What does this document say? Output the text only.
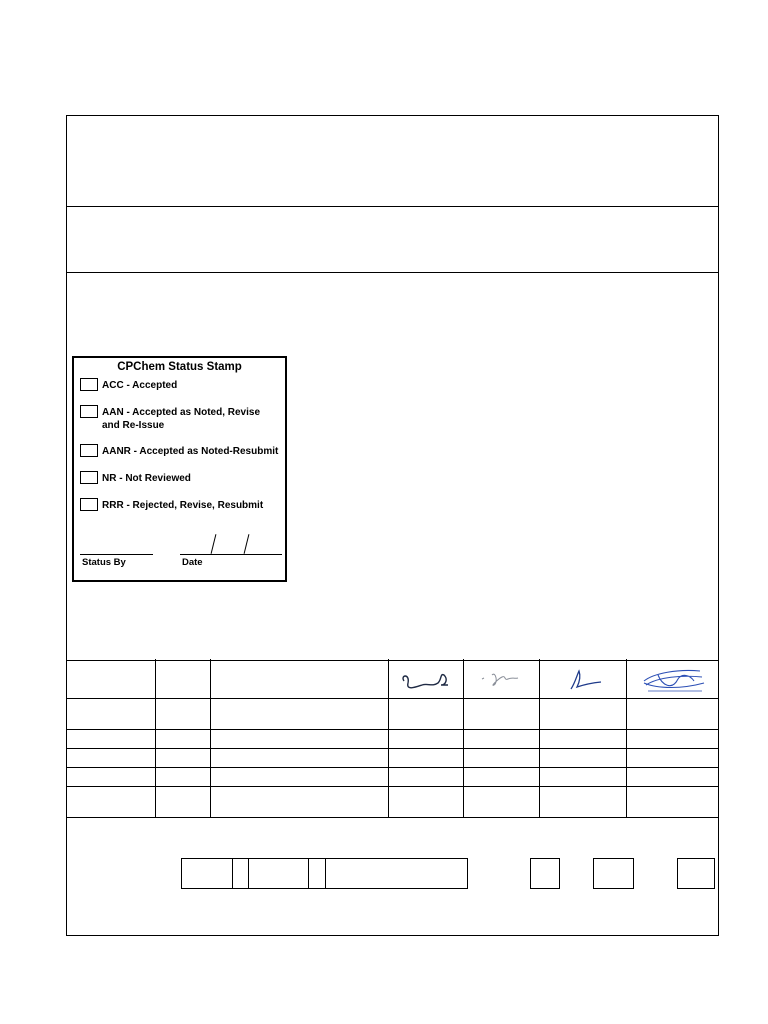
CPChem Status Stamp
ACC - Accepted
AAN - Accepted as Noted, Revise
and Re-Issue
AANR - Accepted as Noted-Resubmit
NR - Not Reviewed
RRR - Rejected, Revise, Resubmit
Status By	Date
